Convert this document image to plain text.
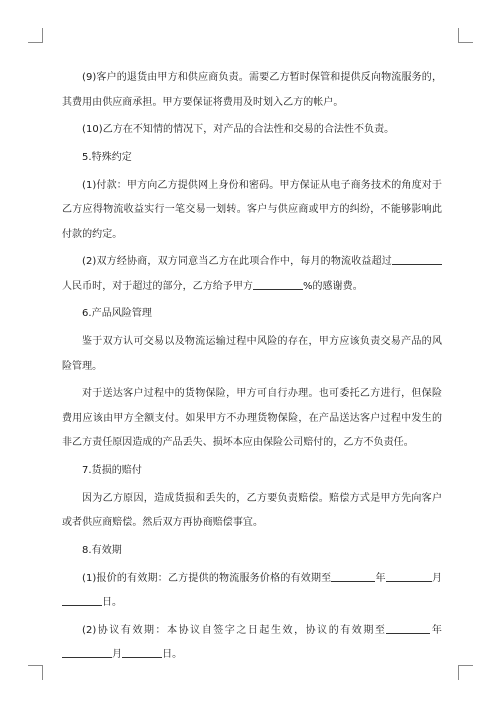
(9)客户的退货由甲方和供应商负责。需要乙方暂时保管和提供反向物流服务的，其费用由供应商承担。甲方要保证将费用及时划入乙方的帐户。

(10)乙方在不知情的情况下，对产品的合法性和交易的合法性不负责。

5.特殊约定

(1)付款：甲方向乙方提供网上身份和密码。甲方保证从电子商务技术的角度对于乙方应得物流收益实行一笔交易一划转。客户与供应商或甲方的纠纷，不能够影响此付款的约定。

(2)双方经协商，双方同意当乙方在此项合作中，每月的物流收益超过人民币时，对于超过的部分，乙方给予甲方	%的感谢费。

6.产品风险管理

鉴于双方认可交易以及物流运输过程中风险的存在，甲方应该负责交易产品的风险管理。

对于送达客户过程中的货物保险，甲方可自行办理。也可委托乙方进行，但保险费用应该由甲方全额支付。如果甲方不办理货物保险，在产品送达客户过程中发生的非乙方责任原因造成的产品丢失、损坏本应由保险公司赔付的，乙方不负责任。

7.货损的赔付

因为乙方原因，造成货损和丢失的，乙方要负责赔偿。赔偿方式是甲方先向客户或者供应商赔偿。然后双方再协商赔偿事宜。

8.有效期

(1)报价的有效期：乙方提供的物流服务价格的有效期至	年	月日。

(2)协议有效期：本协议自签字之日起生效，协议的有效期至	年月	日。
